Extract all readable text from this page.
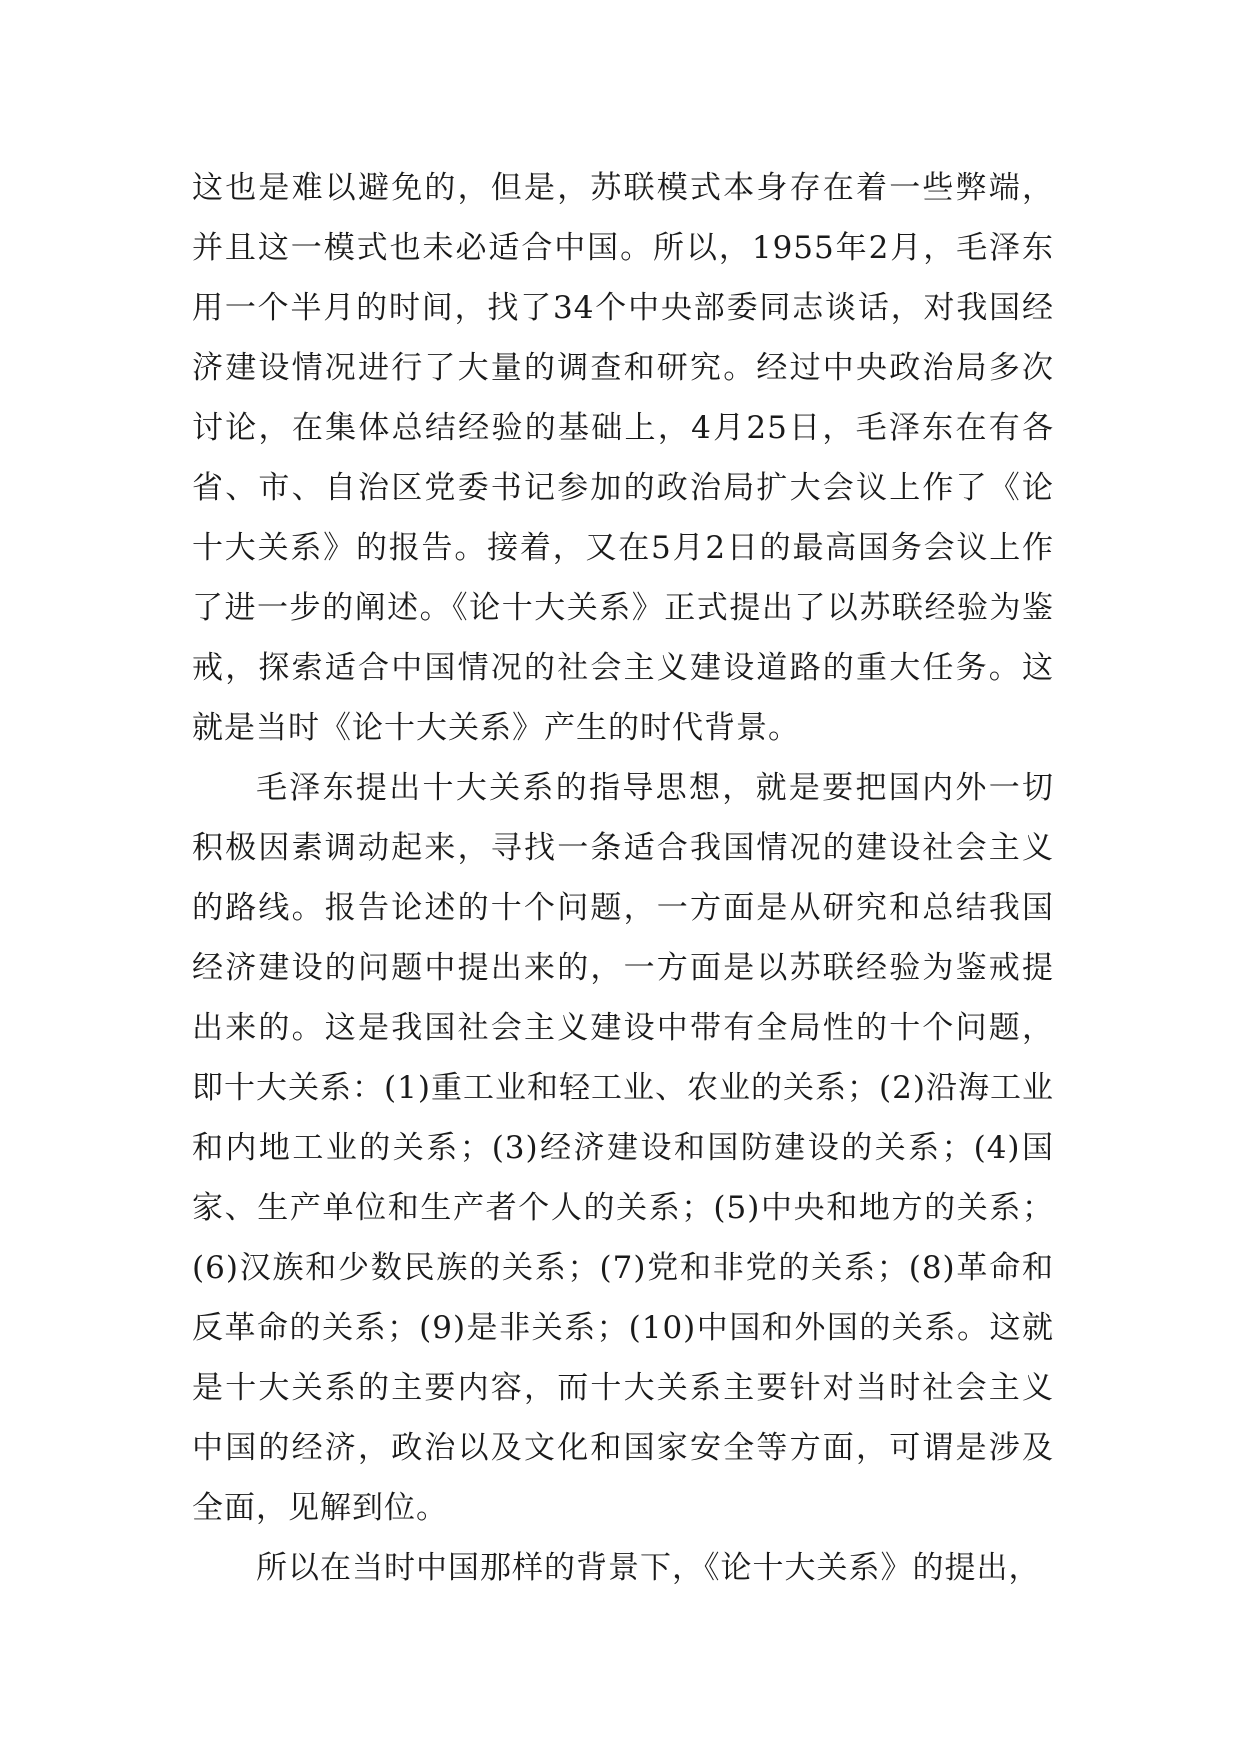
这也是难以避免的，但是，苏联模式本身存在着一些弊端，并且这一模式也未必适合中国。所以，1955年2月，毛泽东用一个半月的时间，找了34个中央部委同志谈话，对我国经济建设情况进行了大量的调查和研究。经过中央政治局多次讨论，在集体总结经验的基础上，4月25日，毛泽东在有各省、市、自治区党委书记参加的政治局扩大会议上作了《论十大关系》的报告。接着，又在5月2日的最高国务会议上作了进一步的阐述。《论十大关系》正式提出了以苏联经验为鉴戒，探索适合中国情况的社会主义建设道路的重大任务。这就是当时《论十大关系》产生的时代背景。

毛泽东提出十大关系的指导思想，就是要把国内外一切积极因素调动起来，寻找一条适合我国情况的建设社会主义的路线。报告论述的十个问题，一方面是从研究和总结我国经济建设的问题中提出来的，一方面是以苏联经验为鉴戒提出来的。这是我国社会主义建设中带有全局性的十个问题，即十大关系：(1)重工业和轻工业、农业的关系；(2)沿海工业和内地工业的关系；(3)经济建设和国防建设的关系；(4)国家、生产单位和生产者个人的关系；(5)中央和地方的关系；(6)汉族和少数民族的关系；(7)党和非党的关系；(8)革命和反革命的关系；(9)是非关系；(10)中国和外国的关系。这就是十大关系的主要内容，而十大关系主要针对当时社会主义中国的经济，政治以及文化和国家安全等方面，可谓是涉及全面，见解到位。

所以在当时中国那样的背景下，《论十大关系》的提出，
